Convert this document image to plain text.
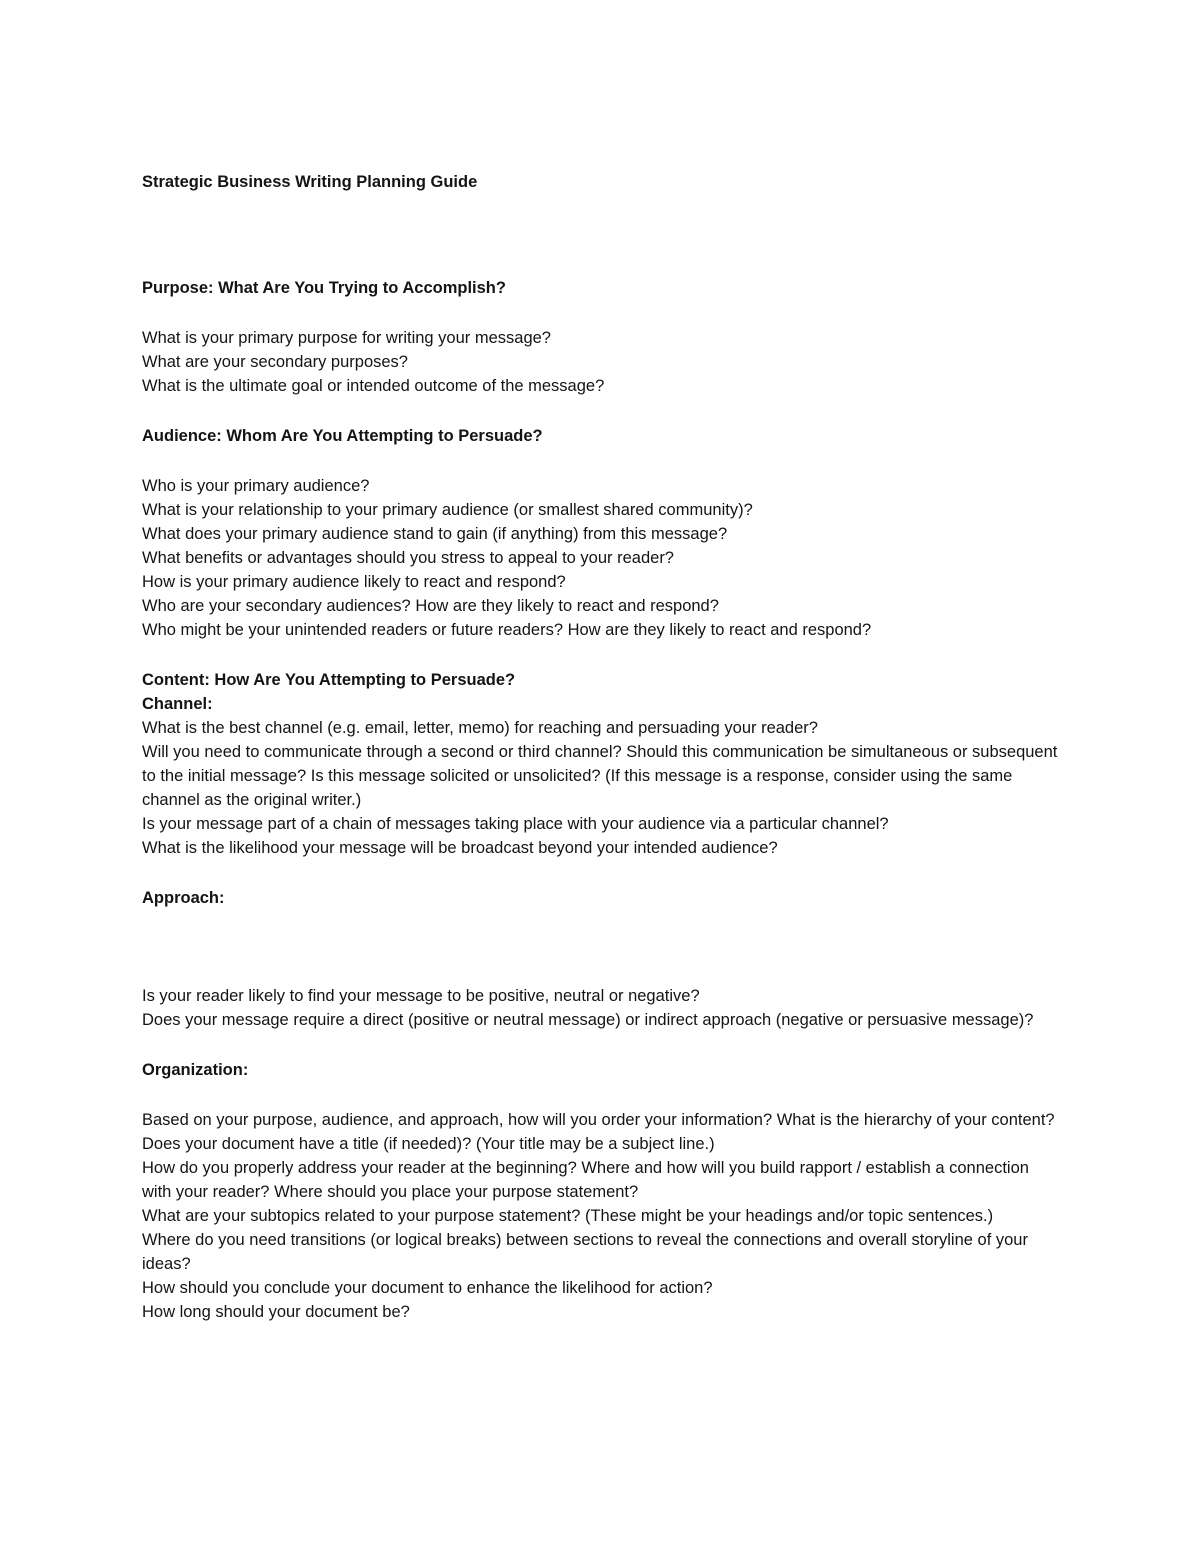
Strategic Business Writing Planning Guide

Purpose: What Are You Trying to Accomplish?

What is your primary purpose for writing your message?

What are your secondary purposes?

What is the ultimate goal or intended outcome of the message?

Audience: Whom Are You Attempting to Persuade?

Who is your primary audience?

What is your relationship to your primary audience (or smallest shared community)?

What does your primary audience stand to gain (if anything) from this message?

What benefits or advantages should you stress to appeal to your reader?

How is your primary audience likely to react and respond?

Who are your secondary audiences? How are they likely to react and respond?

Who might be your unintended readers or future readers? How are they likely to react and respond?

Content: How Are You Attempting to Persuade?

Channel:

What is the best channel (e.g. email, letter, memo) for reaching and persuading your reader?

Will you need to communicate through a second or third channel? Should this communication be simultaneous or subsequent to the initial message? Is this message solicited or unsolicited? (If this message is a response, consider using the same channel as the original writer.)

Is your message part of a chain of messages taking place with your audience via a particular channel?

What is the likelihood your message will be broadcast beyond your intended audience?

Approach:

Is your reader likely to find your message to be positive, neutral or negative?

Does your message require a direct (positive or neutral message) or indirect approach (negative or persuasive message)?

Organization:

Based on your purpose, audience, and approach, how will you order your information? What is the hierarchy of your content?

Does your document have a title (if needed)? (Your title may be a subject line.)

How do you properly address your reader at the beginning? Where and how will you build rapport / establish a connection with your reader? Where should you place your purpose statement?

What are your subtopics related to your purpose statement? (These might be your headings and/or topic sentences.)

Where do you need transitions (or logical breaks) between sections to reveal the connections and overall storyline of your ideas?

How should you conclude your document to enhance the likelihood for action?

How long should your document be?
